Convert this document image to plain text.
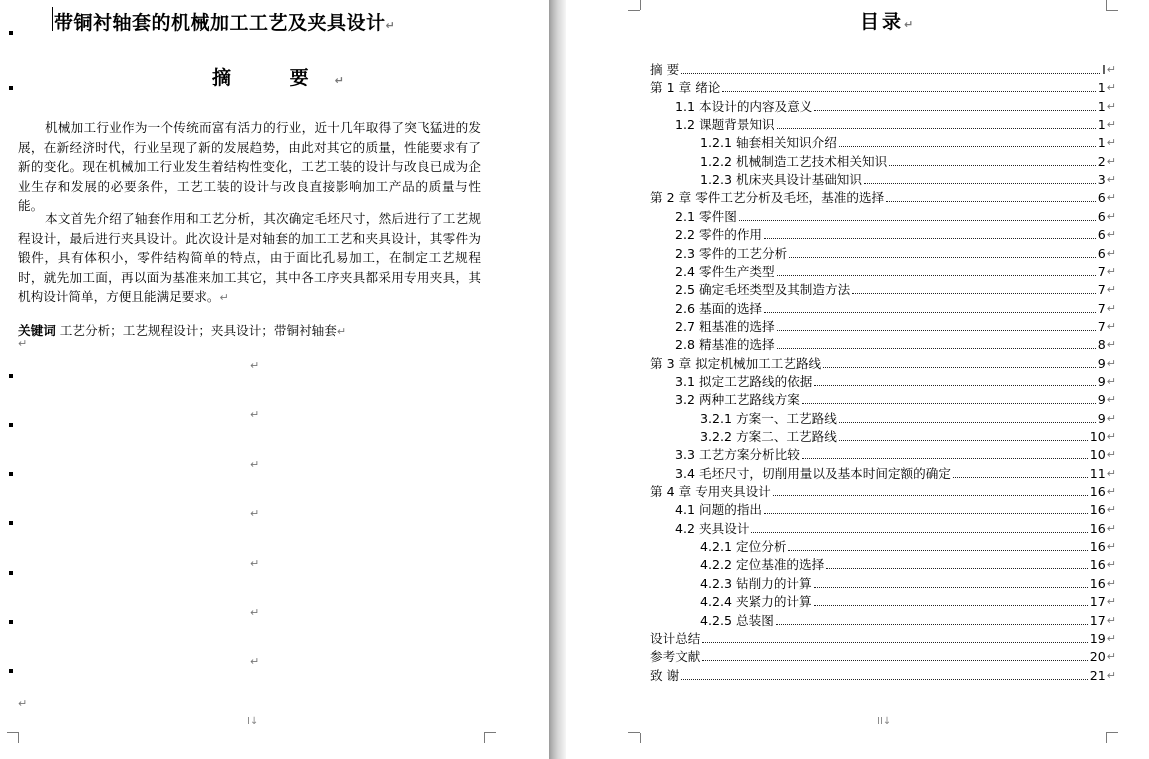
带铜衬轴套的机械加工工艺及夹具设计↵
摘 要↵
机械加工行业作为一个传统而富有活力的行业，近十几年取得了突飞猛进的发展，在新经济时代，行业呈现了新的发展趋势，由此对其它的质量，性能要求有了新的变化。现在机械加工行业发生着结构性变化，工艺工装的设计与改良已成为企业生存和发展的必要条件，工艺工装的设计与改良直接影响加工产品的质量与性能。
本文首先介绍了轴套作用和工艺分析，其次确定毛坯尺寸，然后进行了工艺规程设计，最后进行夹具设计。此次设计是对轴套的加工工艺和夹具设计，其零件为锻件，具有体积小，零件结构简单的特点，由于面比孔易加工，在制定工艺规程时，就先加工面，再以面为基准来加工其它，其中各工序夹具都采用专用夹具，其机构设计简单，方便且能满足要求。↵
关键词 工艺分析；工艺规程设计；夹具设计；带铜衬轴套↵
↵
↵
↵
↵
↵
↵
↵
↵
↵
I↓	II↓
目录↵
摘 要	I ↵
第 1 章 绪论	1 ↵
1.1 本设计的内容及意义	1 ↵
1.2 课题背景知识	1 ↵
1.2.1 轴套相关知识介绍	1 ↵
1.2.2 机械制造工艺技术相关知识	2 ↵
1.2.3 机床夹具设计基础知识	3 ↵
第 2 章 零件工艺分析及毛坯，基准的选择	6 ↵
2.1 零件图	6 ↵
2.2 零件的作用	6 ↵
2.3 零件的工艺分析	6 ↵
2.4 零件生产类型	7 ↵
2.5 确定毛坯类型及其制造方法	7 ↵
2.6 基面的选择	7 ↵
2.7 粗基准的选择	7 ↵
2.8 精基准的选择	8 ↵
第 3 章 拟定机械加工工艺路线	9 ↵
3.1 拟定工艺路线的依据	9 ↵
3.2 两种工艺路线方案	9 ↵
3.2.1 方案一、工艺路线	9 ↵
3.2.2 方案二、工艺路线	10 ↵
3.3 工艺方案分析比较	10 ↵
3.4 毛坯尺寸，切削用量以及基本时间定额的确定	11 ↵
第 4 章 专用夹具设计	16 ↵
4.1 问题的指出	16 ↵
4.2 夹具设计	16 ↵
4.2.1 定位分析	16 ↵
4.2.2 定位基准的选择	16 ↵
4.2.3 钻削力的计算	16 ↵
4.2.4 夹紧力的计算	17 ↵
4.2.5 总装图	17 ↵
设计总结	19 ↵
参考文献	20 ↵
致 谢	21 ↵
